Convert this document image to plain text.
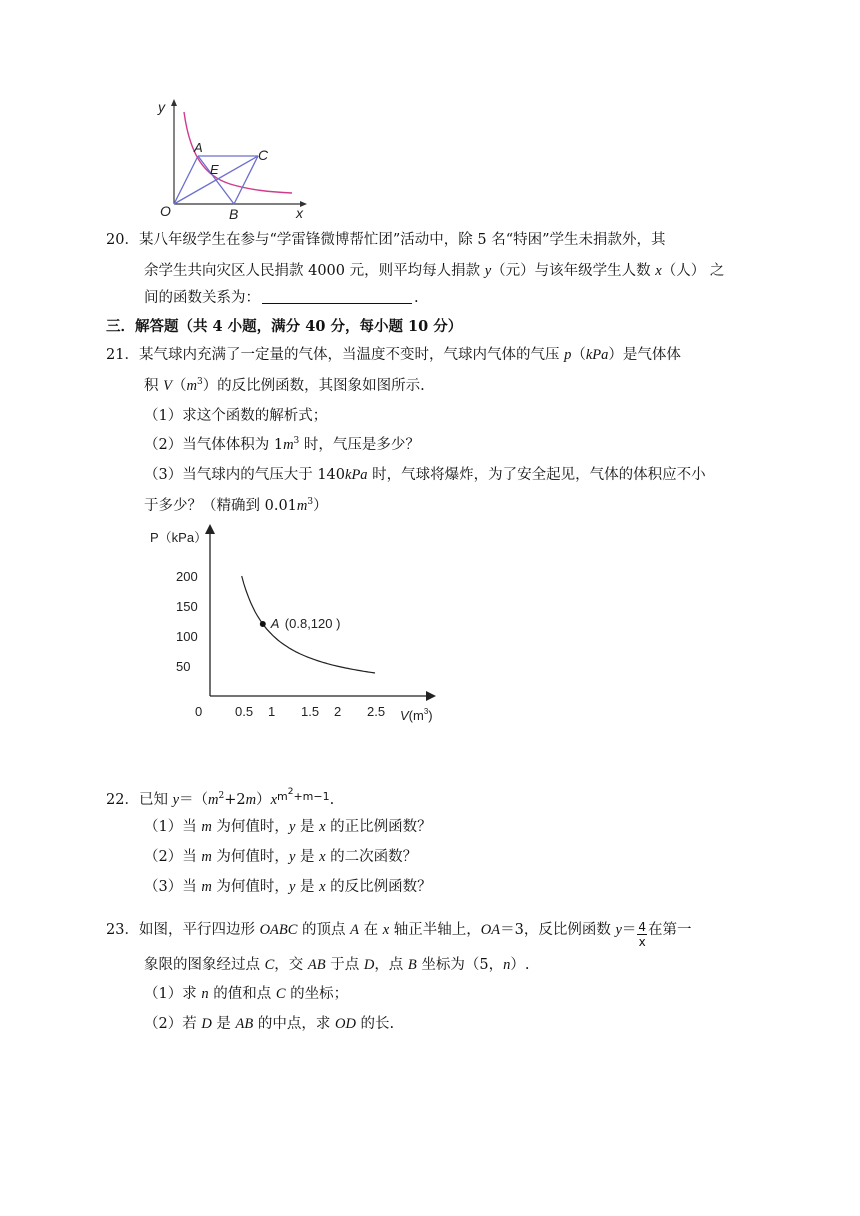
y
x
O
A	C
E
B
20．某八年级学生在参与“学雷锋微博帮忙团”活动中，除 5 名“特困”学生未捐款外，其
余学生共向灾区人民捐款 4000 元，则平均每人捐款 y（元）与该年级学生人数 x（人） 之
间的函数关系为：	.
三．解答题（共 4 小题，满分 40 分，每小题 10 分）
21．某气球内充满了一定量的气体，当温度不变时，气球内气体的气压 p（kPa）是气体体
积 $V(m^3)$的反比例函数，其图象如图所示.
（1）求这个函数的解析式；
（2）当气体体积为 $1m^3$ 时，气压是多少？
（3）当气球内的气压大于 140kPa 时，气球将爆炸，为了安全起见，气体的体积应不小
于多少？（精确到 $0.01m^3$）
P（kPa）
0
50
100
150
200
0.5 1 1.5 2 2.5
A (0.8,120 )
$V(m^3)$
22．已知 $y=(m^2+2m)x^{m^2+m-1}$.
（1）当 m 为何值时，y 是 x 的正比例函数？
（2）当 m 为何值时，y 是 x 的二次函数？
（3）当 m 为何值时，y 是 x 的反比例函数？
23．如图，平行四边形 OABC 的顶点 A 在 x 轴正半轴上，OA＝3，反比例函数 $y= \frac{4}{x}$ 在第一
象限的图象经过点 C，交 AB 于点 D，点 B 坐标为（5，n）.
（1）求 n 的值和点 C 的坐标；
（2）若 D 是 AB 的中点，求 OD 的长.
